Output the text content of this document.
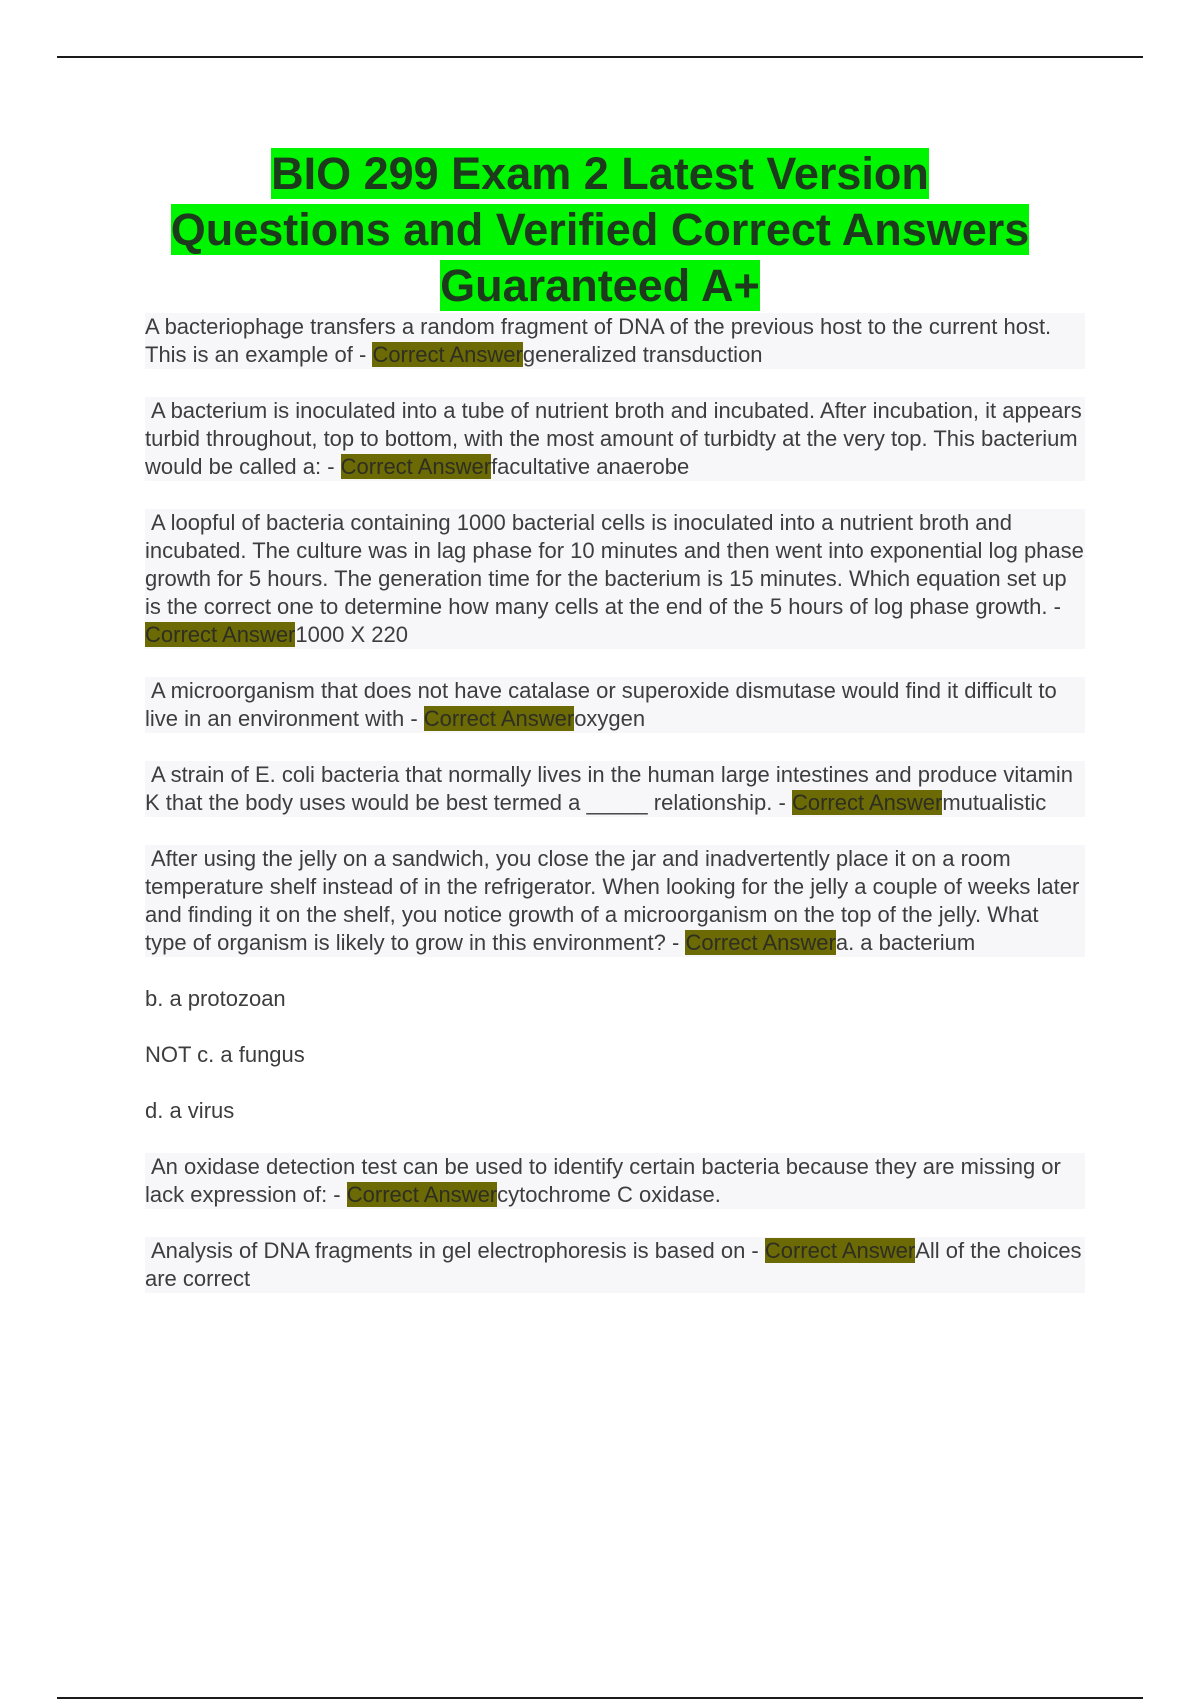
BIO 299 Exam 2 Latest Version
Questions and Verified Correct Answers
Guaranteed A+

A bacteriophage transfers a random fragment of DNA of the previous host to the current host. This is an example of - Correct Answergeneralized transduction

A bacterium is inoculated into a tube of nutrient broth and incubated. After incubation, it appears turbid throughout, top to bottom, with the most amount of turbidty at the very top. This bacterium would be called a: - Correct Answerfacultative anaerobe

A loopful of bacteria containing 1000 bacterial cells is inoculated into a nutrient broth and incubated. The culture was in lag phase for 10 minutes and then went into exponential log phase growth for 5 hours. The generation time for the bacterium is 15 minutes. Which equation set up is the correct one to determine how many cells at the end of the 5 hours of log phase growth. - Correct Answer1000 X 220

A microorganism that does not have catalase or superoxide dismutase would find it difficult to live in an environment with - Correct Answeroxygen

A strain of E. coli bacteria that normally lives in the human large intestines and produce vitamin K that the body uses would be best termed a _____ relationship. - Correct Answermutualistic

After using the jelly on a sandwich, you close the jar and inadvertently place it on a room temperature shelf instead of in the refrigerator. When looking for the jelly a couple of weeks later and finding it on the shelf, you notice growth of a microorganism on the top of the jelly. What type of organism is likely to grow in this environment? - Correct Answera. a bacterium

b. a protozoan

NOT c. a fungus

d. a virus

An oxidase detection test can be used to identify certain bacteria because they are missing or lack expression of: - Correct Answercytochrome C oxidase.

Analysis of DNA fragments in gel electrophoresis is based on - Correct AnswerAll of the choices are correct
